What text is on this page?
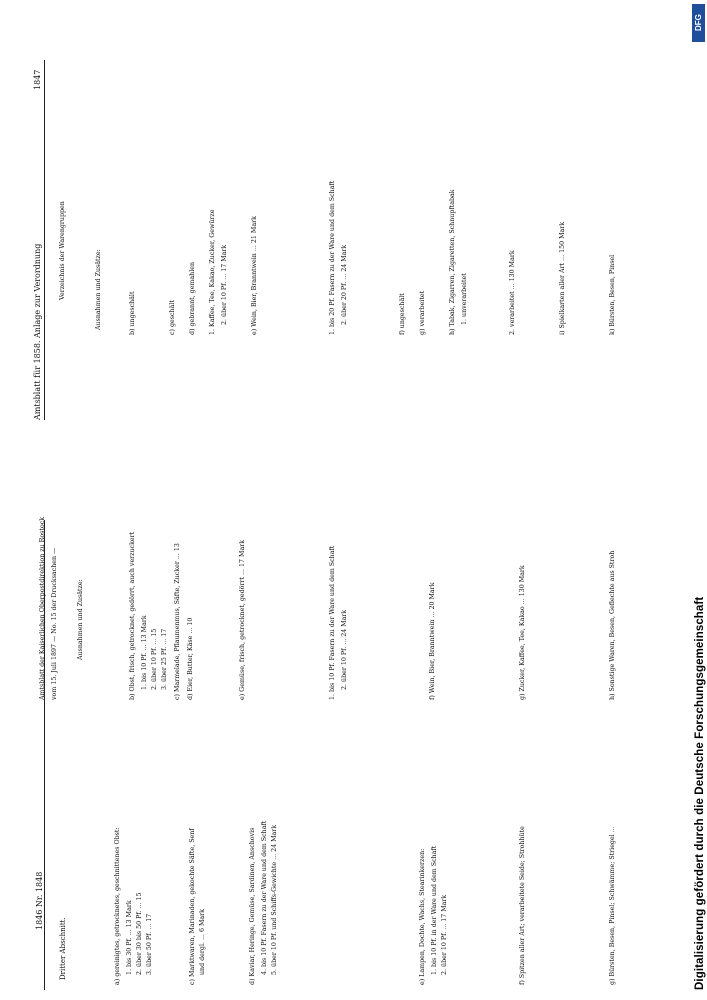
1846 Nr. 1848
Dritter Abschnitt.	a) gereinigtes, getrocknetes, geschnittenes Obst: 1. bis 30 Pf. ... 13 Mark 2. über 30 bis 50 Pf. ... 15 3. über 50 Pf. ... 17	c) Marktwaren, Marinaden, gekochte Säfte, Senf und dergl. ... 6 Mark	d) Kaviar, Heringe, Gemüse, Sardinen, Anschovis 4. bis 10 Pf. Fasern zu der Ware und dem Schaft 5. über 10 Pf. und Schiffs-Gewichte ... 24 Mark	e) Lampen, Dochte, Wachs, Stearinkerzen: 1. bis 10 Pf. in der Ware und dem Schaft 2. über 10 Pf. ... 17 Mark	f) Spitzen aller Art; verarbeitete Seide; Strohhüte	g) Bürsten, Besen, Pinsel; Schwämme; Striegel ...
Amtsblatt der Kaiserlichen Oberpostdirektion zu Rostock vom 15. Juli 1897 — No. 15 der Drucksachen —	Ausnahmen und Zusätze:	b) Obst, frisch, getrocknet, gedörrt, auch verzuckert 1. bis 10 Pf. ... 13 Mark 2. über 10 Pf. ... 15 3. über 25 Pf. ... 17 c) Marmelade, Pflaumenmus, Säfte, Zucker ... 13 d) Eier, Butter, Käse ... 10	e) Gemüse, frisch, getrocknet, gedörrt ... 17 Mark	1. bis 10 Pf. Fasern zu der Ware und dem Schaft 2. über 10 Pf. ... 24 Mark	f) Wein, Bier, Branntwein ... 20 Mark	g) Zucker, Kaffee, Tee, Kakao ... 130 Mark	h) Sonstige Waren, Besen, Geflechte aus Stroh
Amtsblatt für 1858. Anlage zur Verordnung
1847
Verzeichnis der Warengruppen	Ausnahmen und Zusätze:	b) ungeschält	c) geschält d) gebrannt, gemahlen 1. Kaffee, Tee, Kakao, Zucker, Gewürze 2. über 10 Pf. ... 17 Mark	e) Wein, Bier, Branntwein ... 21 Mark	1. bis 20 Pf. Fasern zu der Ware und dem Schaft 2. über 20 Pf. ... 24 Mark	f) ungeschält g) verarbeitet	h) Tabak, Zigarren, Zigaretten, Schnupftabak 1. unverarbeitet	2. verarbeitet ... 130 Mark	i) Spielkarten aller Art ... 150 Mark	k) Bürsten, Besen, Pinsel
DFG
Digitalisierung gefördert durch die Deutsche Forschungsgemeinschaft
